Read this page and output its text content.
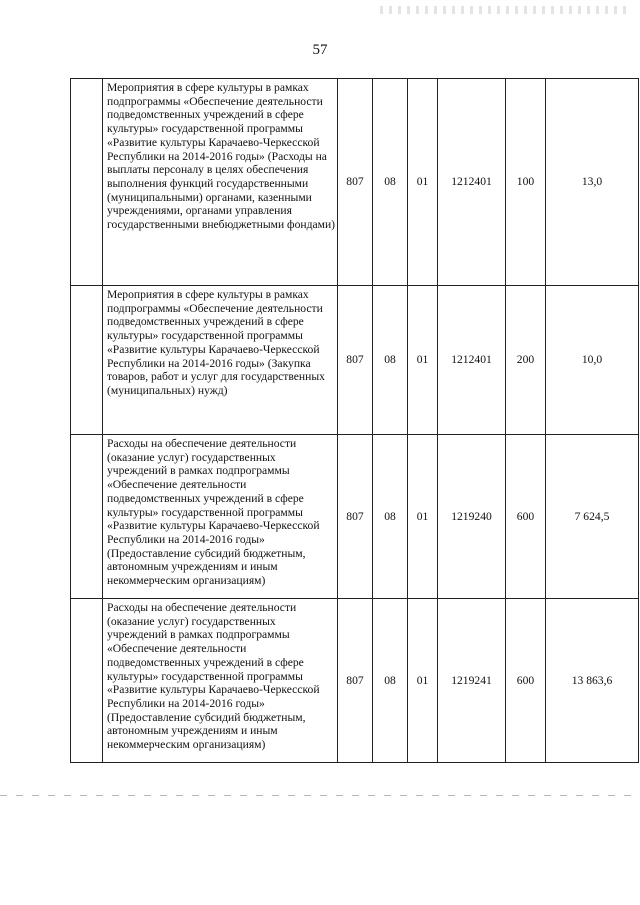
57
	Мероприятия в сфере культуры в рамках подпрограммы «Обеспечение деятельности подведомственных учреждений в сфере культуры» государственной программы «Развитие культуры Карачаево-Черкесской Республики на 2014-2016 годы» (Расходы на выплаты персоналу в целях обеспечения выполнения функций государственными (муниципальными) органами, казенными учреждениями, органами управления государственными внебюджетными фондами)	807	08	01	1212401	100	13,0
	Мероприятия в сфере культуры в рамках подпрограммы «Обеспечение деятельности подведомственных учреждений в сфере культуры» государственной программы «Развитие культуры Карачаево-Черкесской Республики на 2014-2016 годы» (Закупка товаров, работ и услуг для государственных (муниципальных) нужд)	807	08	01	1212401	200	10,0
	Расходы на обеспечение деятельности (оказание услуг) государственных учреждений в рамках подпрограммы «Обеспечение деятельности подведомственных учреждений в сфере культуры» государственной программы «Развитие культуры Карачаево-Черкесской Республики на 2014-2016 годы» (Предоставление субсидий бюджетным, автономным учреждениям и иным некоммерческим организациям)	807	08	01	1219240	600	7 624,5
	Расходы на обеспечение деятельности (оказание услуг) государственных учреждений в рамках подпрограммы «Обеспечение деятельности подведомственных учреждений в сфере культуры» государственной программы «Развитие культуры Карачаево-Черкесской Республики на 2014-2016 годы» (Предоставление субсидий бюджетным, автономным учреждениям и иным некоммерческим организациям)	807	08	01	1219241	600	13 863,6
